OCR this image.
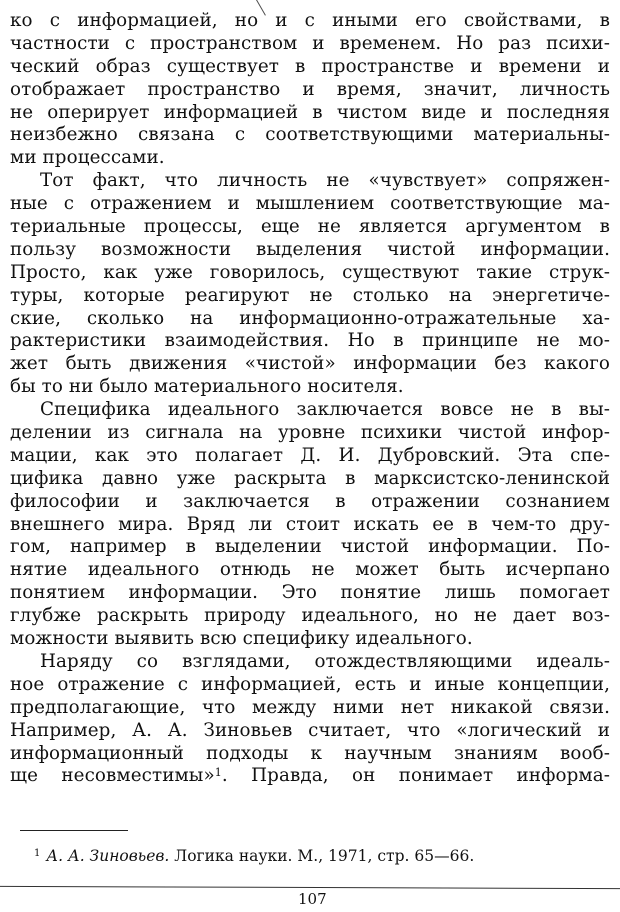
ко с информацией, но и с иными его свойствами, в
частности с пространством и временем. Но раз психи-
ческий образ существует в пространстве и времени и
отображает пространство и время, значит, личность
не оперирует информацией в чистом виде и последняя
неизбежно связана с соответствующими материальны-
ми процессами.
Тот факт, что личность не «чувствует» сопряжен-
ные с отражением и мышлением соответствующие ма-
териальные процессы, еще не является аргументом в
пользу возможности выделения чистой информации.
Просто, как уже говорилось, существуют такие струк-
туры, которые реагируют не столько на энергетиче-
ские, сколько на информационно-отражательные ха-
рактеристики взаимодействия. Но в принципе не мо-
жет быть движения «чистой» информации без какого
бы то ни было материального носителя.
Специфика идеального заключается вовсе не в вы-
делении из сигнала на уровне психики чистой инфор-
мации, как это полагает Д. И. Дубровский. Эта спе-
цифика давно уже раскрыта в марксистско-ленинской
философии и заключается в отражении сознанием
внешнего мира. Вряд ли стоит искать ее в чем-то дру-
гом, например в выделении чистой информации. По-
нятие идеального отнюдь не может быть исчерпано
понятием информации. Это понятие лишь помогает
глубже раскрыть природу идеального, но не дает воз-
можности выявить всю специфику идеального.
Наряду со взглядами, отождествляющими идеаль-
ное отражение с информацией, есть и иные концепции,
предполагающие, что между ними нет никакой связи.
Например, А. А. Зиновьев считает, что «логический и
информационный подходы к научным знаниям вооб-
ще несовместимы»$^1$. Правда, он понимает информа-
$^1$ А. А. Зиновьев. Логика науки. М., 1971, стр. 65—66.
107
